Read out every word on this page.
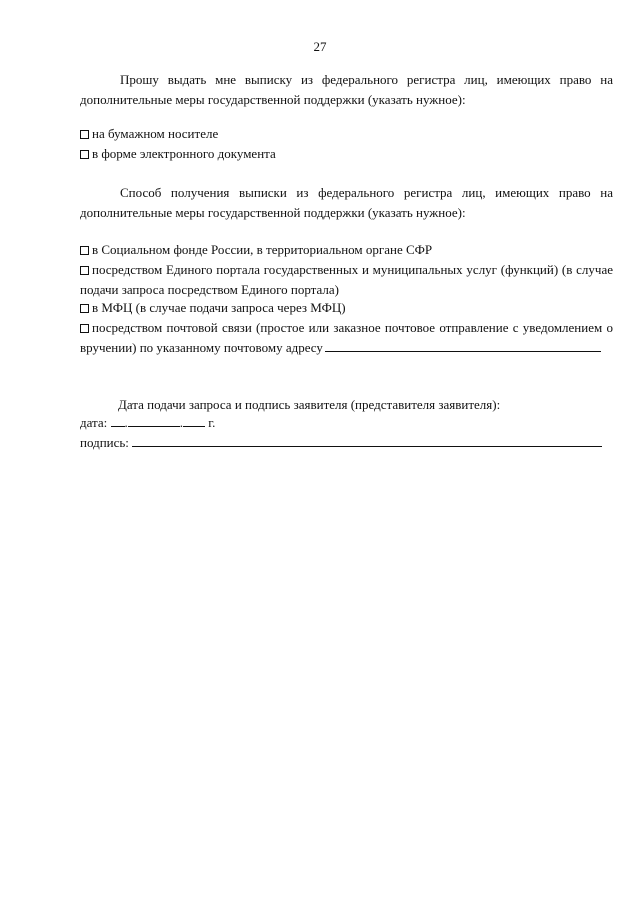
27
Прошу выдать мне выписку из федерального регистра лиц, имеющих право на дополнительные меры государственной поддержки (указать нужное):
на бумажном носителе
в форме электронного документа
Способ получения выписки из федерального регистра лиц, имеющих право на дополнительные меры государственной поддержки (указать нужное):
в Социальном фонде России, в территориальном органе СФР
посредством Единого портала государственных и муниципальных услуг (функций) (в случае подачи запроса посредством Единого портала)
в МФЦ (в случае подачи запроса через МФЦ)
посредством почтовой связи (простое или заказное почтовое отправление с уведомлением о вручении) по указанному почтовому адресу
Дата подачи запроса и подпись заявителя (представителя заявителя):
дата: .	. г.
подпись:
